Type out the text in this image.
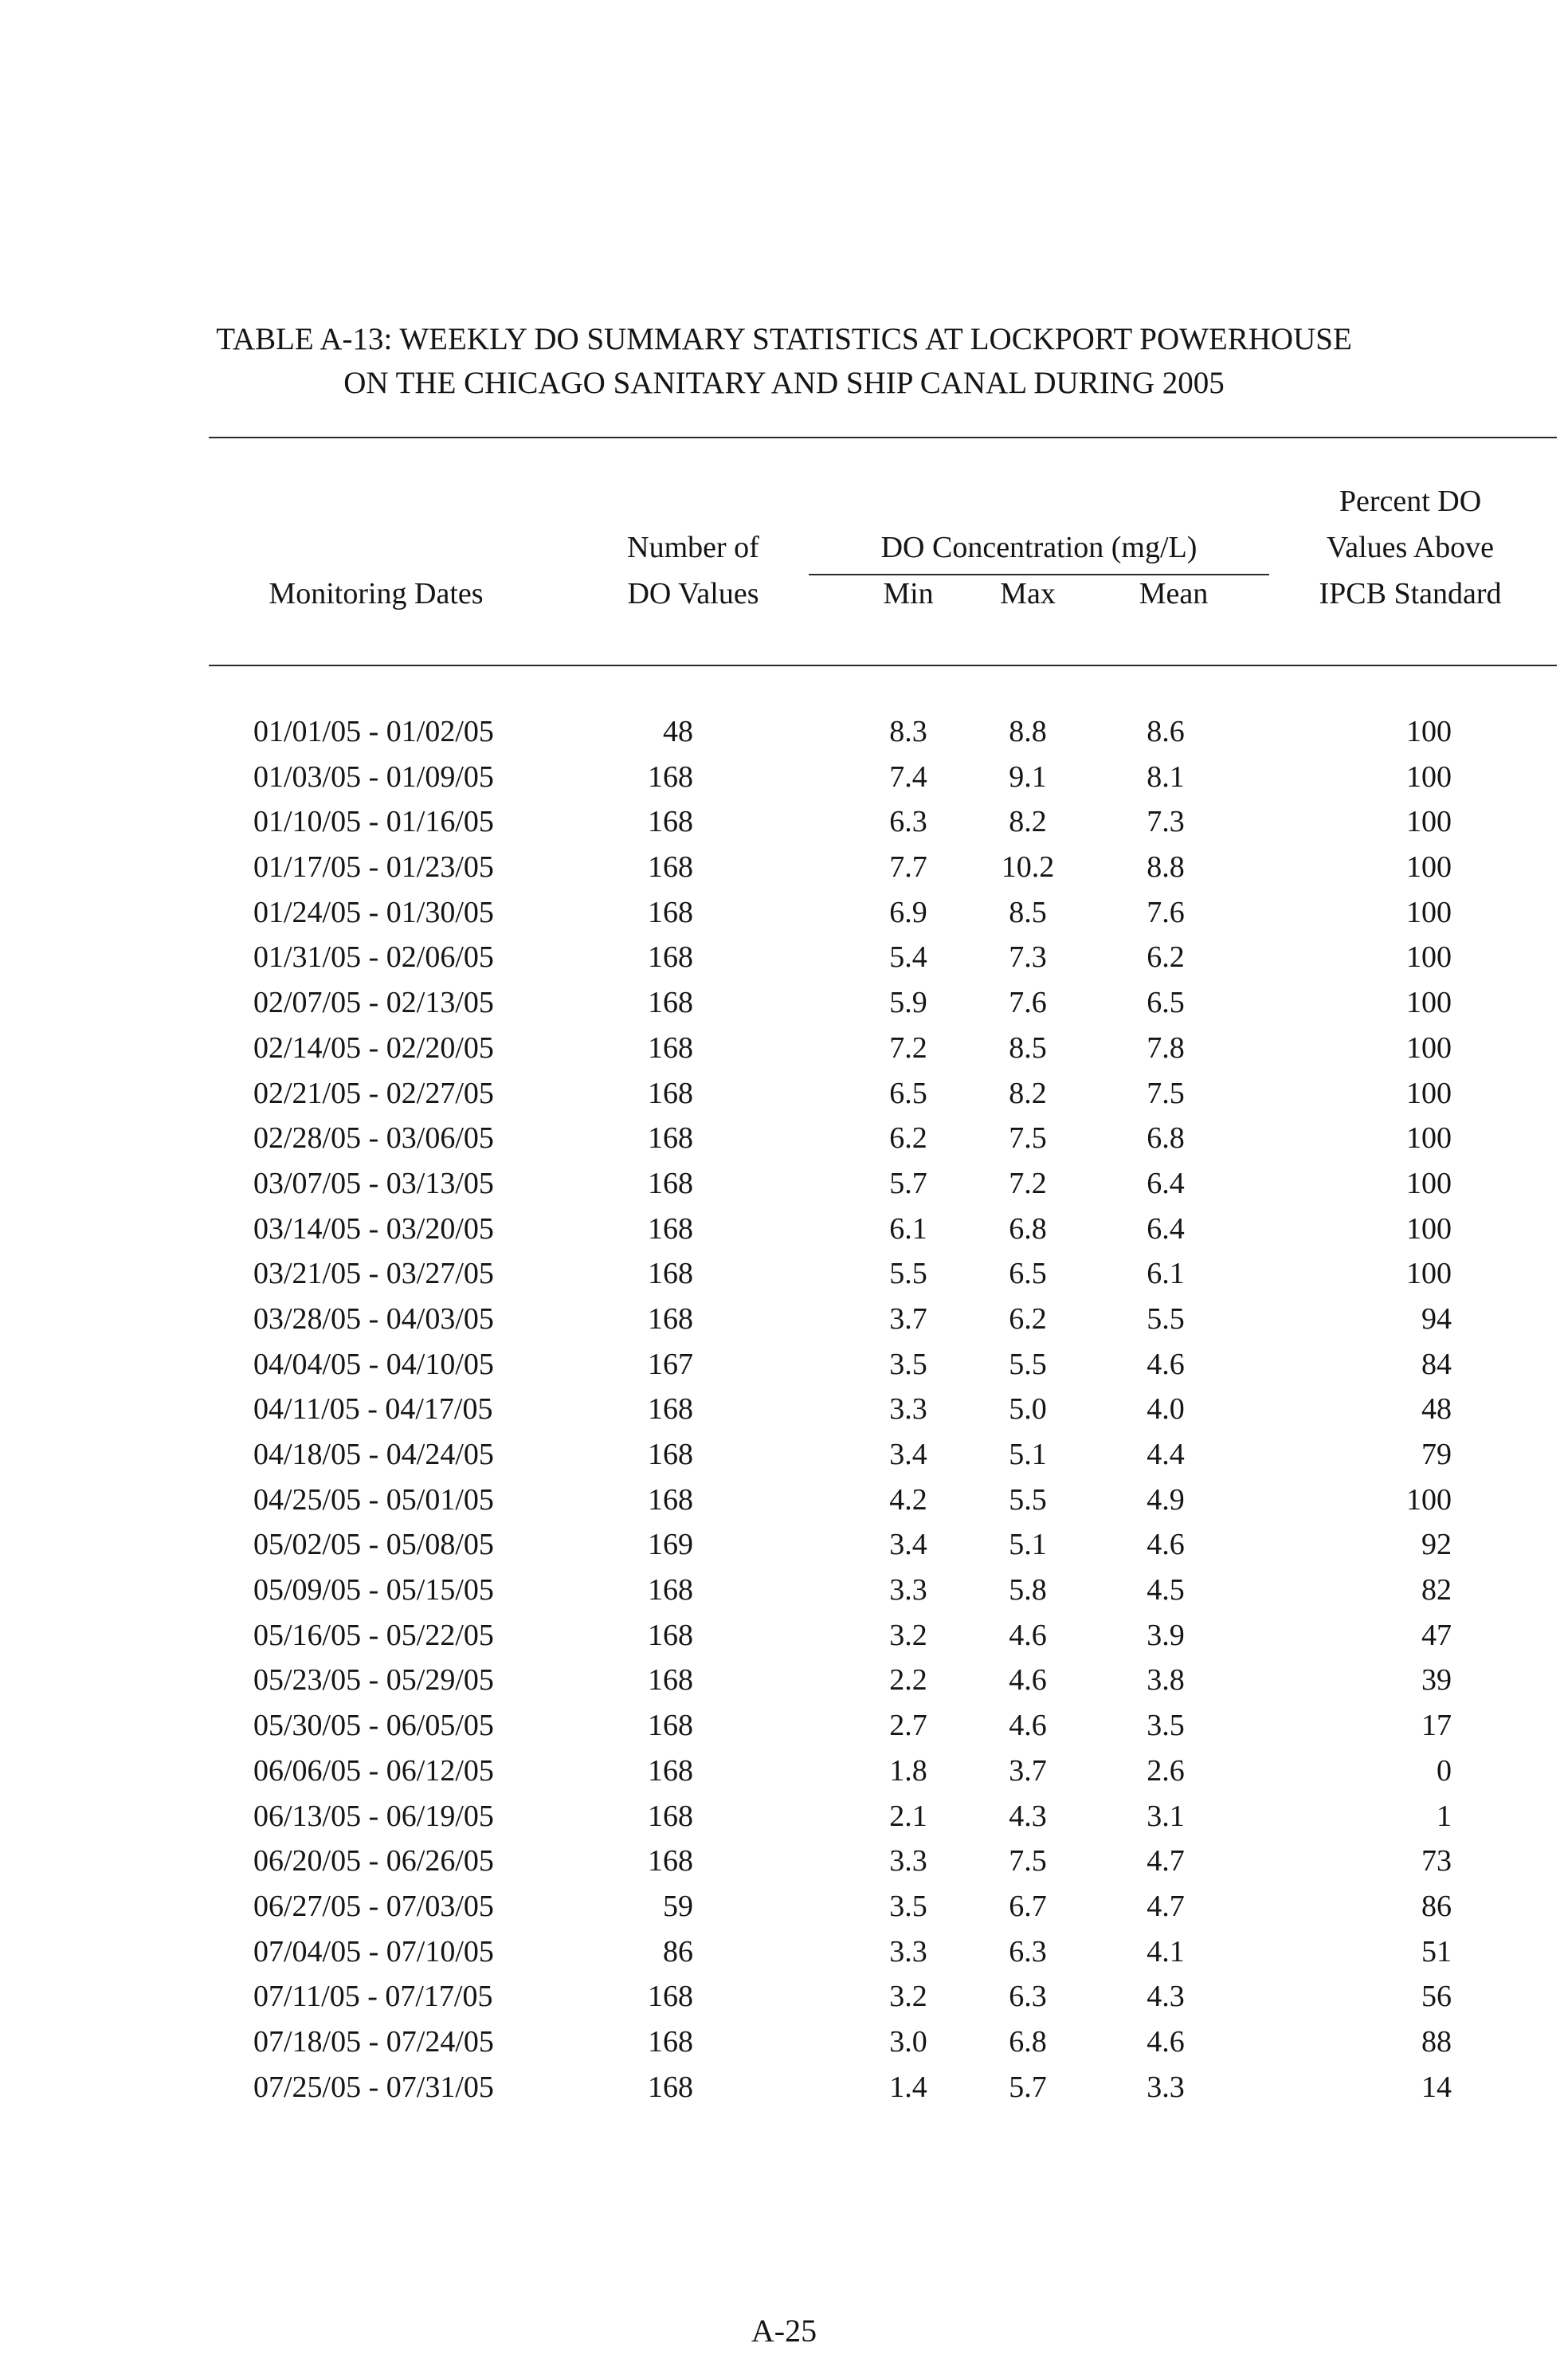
TABLE A-13: WEEKLY DO SUMMARY STATISTICS AT LOCKPORT POWERHOUSE
ON THE CHICAGO SANITARY AND SHIP CANAL DURING 2005
Monitoring Dates
Number of
DO Values
DO Concentration (mg/L)
Min	Max	Mean
Percent DO
Values Above
IPCB Standard
01/01/05 - 01/02/05	48	8.3	8.8	8.6	100
01/03/05 - 01/09/05	168	7.4	9.1	8.1	100
01/10/05 - 01/16/05	168	6.3	8.2	7.3	100
01/17/05 - 01/23/05	168	7.7	10.2	8.8	100
01/24/05 - 01/30/05	168	6.9	8.5	7.6	100
01/31/05 - 02/06/05	168	5.4	7.3	6.2	100
02/07/05 - 02/13/05	168	5.9	7.6	6.5	100
02/14/05 - 02/20/05	168	7.2	8.5	7.8	100
02/21/05 - 02/27/05	168	6.5	8.2	7.5	100
02/28/05 - 03/06/05	168	6.2	7.5	6.8	100
03/07/05 - 03/13/05	168	5.7	7.2	6.4	100
03/14/05 - 03/20/05	168	6.1	6.8	6.4	100
03/21/05 - 03/27/05	168	5.5	6.5	6.1	100
03/28/05 - 04/03/05	168	3.7	6.2	5.5	94
04/04/05 - 04/10/05	167	3.5	5.5	4.6	84
04/11/05 - 04/17/05	168	3.3	5.0	4.0	48
04/18/05 - 04/24/05	168	3.4	5.1	4.4	79
04/25/05 - 05/01/05	168	4.2	5.5	4.9	100
05/02/05 - 05/08/05	169	3.4	5.1	4.6	92
05/09/05 - 05/15/05	168	3.3	5.8	4.5	82
05/16/05 - 05/22/05	168	3.2	4.6	3.9	47
05/23/05 - 05/29/05	168	2.2	4.6	3.8	39
05/30/05 - 06/05/05	168	2.7	4.6	3.5	17
06/06/05 - 06/12/05	168	1.8	3.7	2.6	0
06/13/05 - 06/19/05	168	2.1	4.3	3.1	1
06/20/05 - 06/26/05	168	3.3	7.5	4.7	73
06/27/05 - 07/03/05	59	3.5	6.7	4.7	86
07/04/05 - 07/10/05	86	3.3	6.3	4.1	51
07/11/05 - 07/17/05	168	3.2	6.3	4.3	56
07/18/05 - 07/24/05	168	3.0	6.8	4.6	88
07/25/05 - 07/31/05	168	1.4	5.7	3.3	14
A-25
